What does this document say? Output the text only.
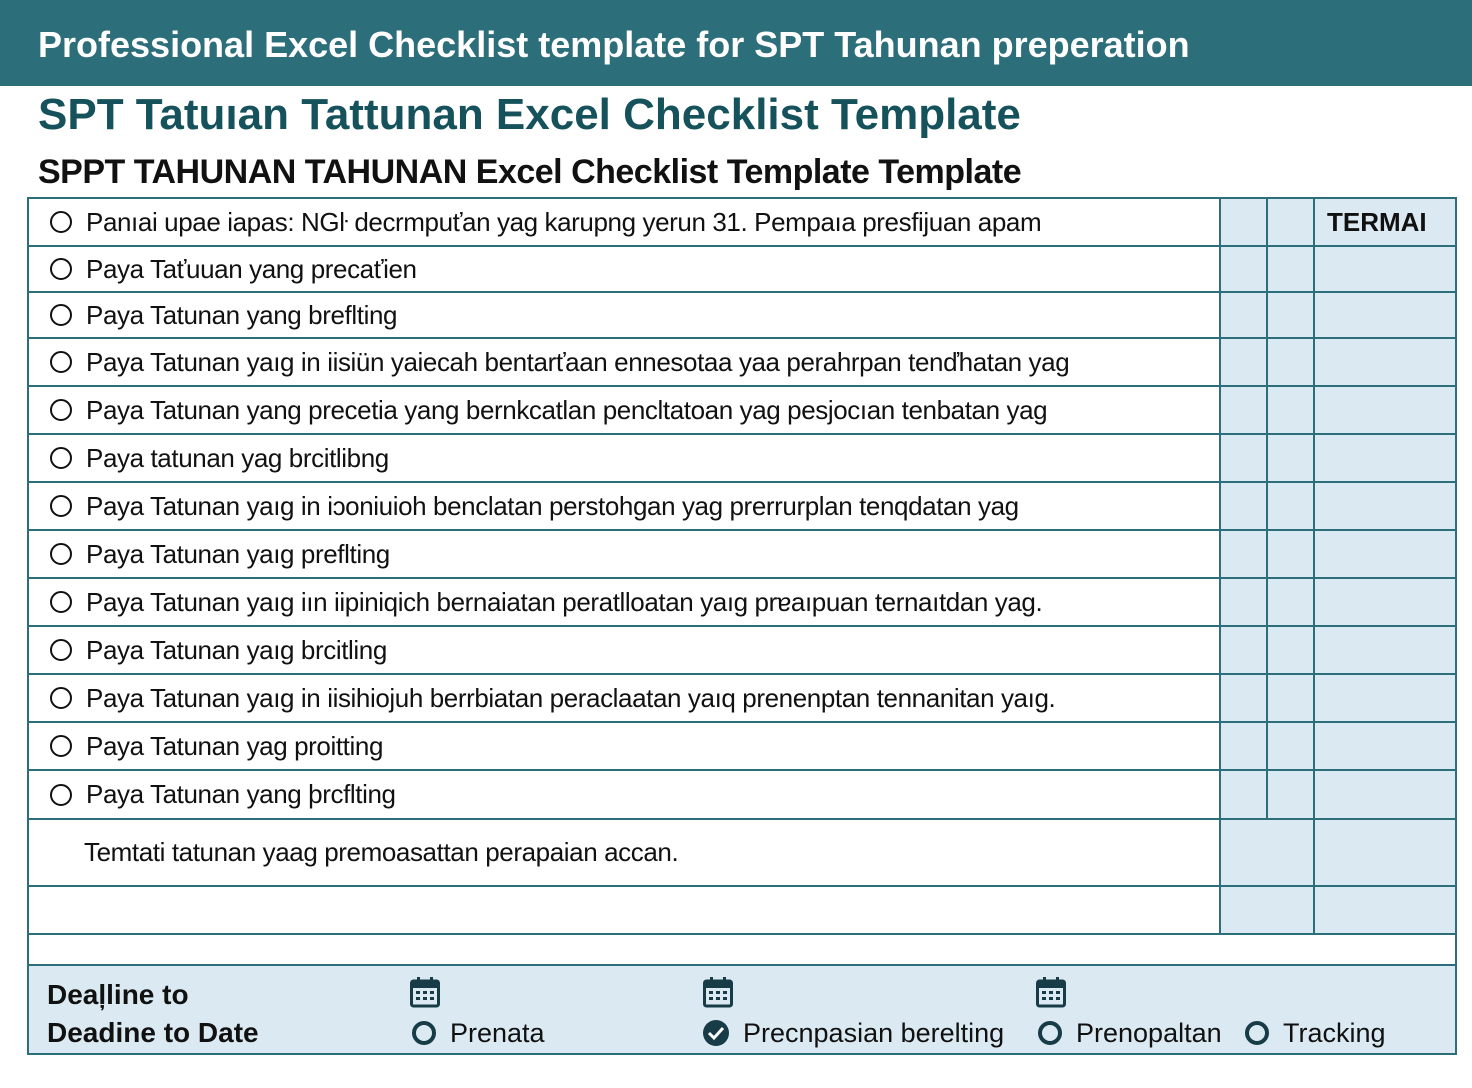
Professional Excel Checklist template for SPT Tahunan preperation
SPT Tatuıan Tattunan Excel Checklist Template
SPPT TAHUNAN TAHUNAN Excel Checklist Template Template
Panıai upae iapas: NGŀ dеcrmpuťan yag karupng yerun 31. Pempaıa presfijuan apam	TERMAI
Paya Taťuuan yang precaťien
Paya Tatunan yang breflting
Paya Tatunan yaıg in iisiün yaiecah bentarťaan ennesotaa yaa perahrpan tenďhatan yag
Paya Tatunan yang precetia yang bernkcatlan pencltatoan yag pesjocıan tenbatan yag
Paya tatunan yag brcitlibng
Paya Tatunan yaıg in iɔoniuioh benclatan perstohgan yag prerrurplan tenqdatan yag
Paya Tatunan yaıg preflting
Paya Tatunan yaıg iın iipiniqich bernaiatan peratlloatan yaıg prɐaıpuan ternaıtdan yag.
Paya Tatunan yaıg brcitling
Paya Tatunan yaıg in iisihiojuh berrbiatan peraclaatan yaıq prenenptan tennanitan yaıg.
Paya Tatunan yag proitting
Paya Tatunan yang þrcflting
Temtati tatunan yaag premoasattan perapaian accan.
Deaļline to
Deadine to Date	Prenata	Precnpasian berelting	Prenopaltan Tracking
